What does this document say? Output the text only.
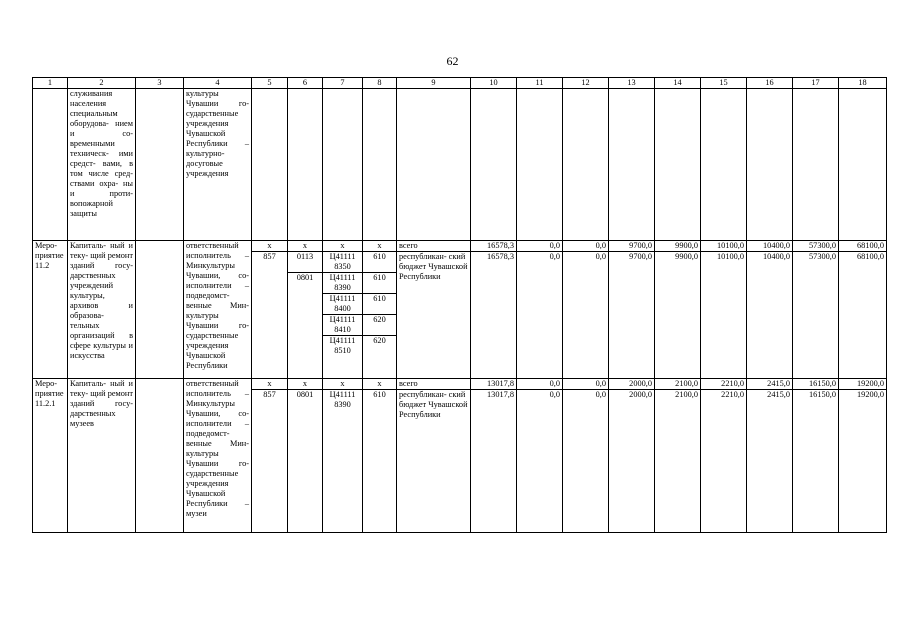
62
1	2	3	4	5	6	7	8	9	10	11	12	13	14	15	16	17	18
	служивания населения специальным оборудова- нием и со- временными техническ- ими средст- вами, в том числе сред- ствами охра- ны и проти- вопожарной защиты		культуры Чувашии го- сударственные учреждения Чувашской Республики – культурно- досуговые учреждения														
Меро- приятие 11.2	Капиталь- ный и теку- щий ремонт зданий госу- дарственных учреждений культуры, архивов и образова- тельных организаций в сфере культуры и искусства		ответственный исполнитель – Минкультуры Чувашии, со- исполнители – подведомст- венные Мин- культуры Чувашии го- сударственные учреждения Чувашской Республики	х	х	х	х	всего	16578,3	0,0	0,0	9700,0	9900,0	10100,0	10400,0	57300,0	68100,0
				857	0113	Ц41111 8350	610	республикан- ский бюджет Чувашской Республики	16578,3	0,0	0,0	9700,0	9900,0	10100,0	10400,0	57300,0	68100,0
					0801	Ц41111 8390	610										
						Ц41111 8400	610										
						Ц41111 8410	620										
						Ц41111 8510	620										
Меро- приятие 11.2.1	Капиталь- ный и теку- щий ремонт зданий госу- дарственных музеев		ответственный исполнитель – Минкультуры Чувашии, со- исполнители – подведомст- венные Мин- культуры Чувашии го- сударственные учреждения Чувашской Республики – музеи	х	х	х	х	всего	13017,8	0,0	0,0	2000,0	2100,0	2210,0	2415,0	16150,0	19200,0
				857	0801	Ц41111 8390	610	республикан- ский бюджет Чувашской Республики	13017,8	0,0	0,0	2000,0	2100,0	2210,0	2415,0	16150,0	19200,0
